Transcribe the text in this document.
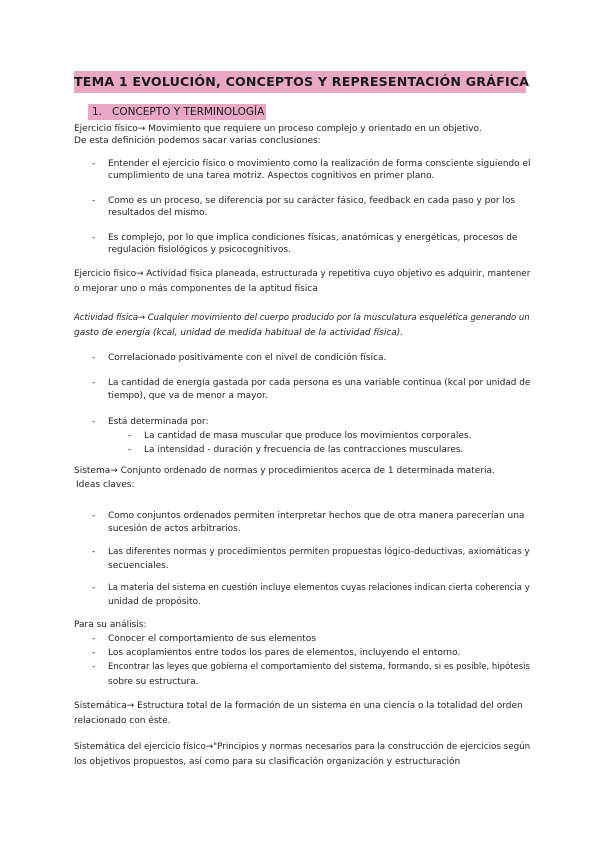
TEMA 1 EVOLUCIÓN, CONCEPTOS Y REPRESENTACIÓN GRÁFICA
1. CONCEPTO Y TERMINOLOGÍA
Ejercicio físico→ Movimiento que requiere un proceso complejo y orientado en un objetivo.
De esta definición podemos sacar varias conclusiones:
- Entender el ejercicio físico o movimiento como la realización de forma consciente siguiendo el
cumplimiento de una tarea motriz. Aspectos cognitivos en primer plano.
- Como es un proceso, se diferencia por su carácter fásico, feedback en cada paso y por los
resultados del mismo.
- Es complejo, por lo que implica condiciones físicas, anatómicas y energéticas, procesos de
regulación fisiológicos y psicocognitivos.
Ejercicio físico→ Actividad física planeada, estructurada y repetitiva cuyo objetivo es adquirir, mantener
o mejorar uno o más componentes de la aptitud física
Actividad física→ Cualquier movimiento del cuerpo producido por la musculatura esquelética generando un
gasto de energía (kcal, unidad de medida habitual de la actividad física).
- Correlacionado positivamente con el nivel de condición física.
- La cantidad de energía gastada por cada persona es una variable continua (kcal por unidad de
tiempo), que va de menor a mayor.
- Está determinada por:
- La cantidad de masa muscular que produce los movimientos corporales.
- La intensidad - duración y frecuencia de las contracciones musculares.
Sistema→ Conjunto ordenado de normas y procedimientos acerca de 1 determinada materia.
Ideas claves:
- Como conjuntos ordenados permiten interpretar hechos que de otra manera parecerían una
sucesión de actos arbitrarios.
- Las diferentes normas y procedimientos permiten propuestas lógico-deductivas, axiomáticas y
secuenciales.
- La materia del sistema en cuestión incluye elementos cuyas relaciones indican cierta coherencia y
unidad de propósito.
Para su análisis:
- Conocer el comportamiento de sus elementos
- Los acoplamientos entre todos los pares de elementos, incluyendo el entorno.
- Encontrar las leyes que gobierna el comportamiento del sistema, formando, si es posible, hipótesis
sobre su estructura.
Sistemática→ Estructura total de la formación de un sistema en una ciencia o la totalidad del orden
relacionado con éste.
Sistemática del ejercicio físico→"Principios y normas necesarios para la construcción de ejercicios según
los objetivos propuestos, así como para su clasificación organización y estructuración
